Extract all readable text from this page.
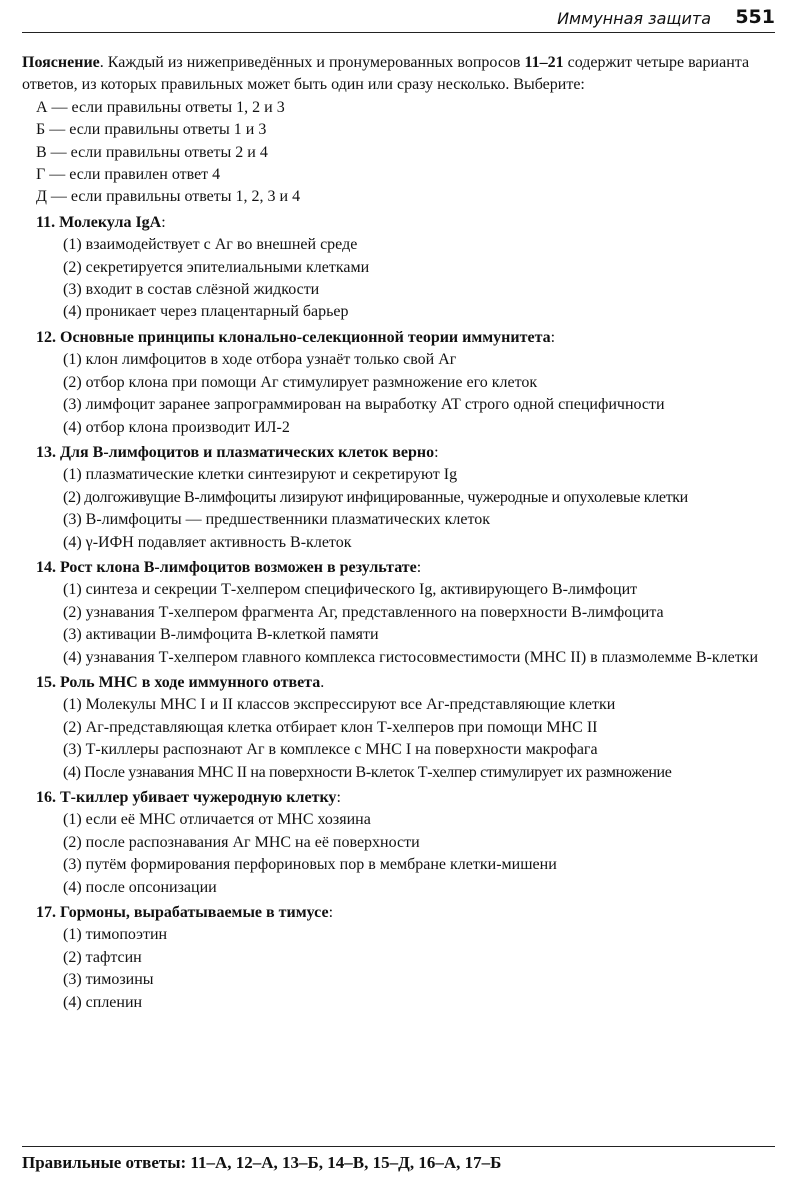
Иммунная защита 551

Пояснение. Каждый из нижеприведённых и пронумерованных вопросов 11–21 содержит четыре варианта ответов, из которых правильных может быть один или сразу несколько. Выберите:

А — если правильны ответы 1, 2 и 3
Б — если правильны ответы 1 и 3
В — если правильны ответы 2 и 4
Г — если правилен ответ 4
Д — если правильны ответы 1, 2, 3 и 4
11. Молекула IgA:
(1) взаимодействует с Аг во внешней среде
(2) секретируется эпителиальными клетками
(3) входит в состав слёзной жидкости
(4) проникает через плацентарный барьер
12. Основные принципы клонально-селекционной теории иммунитета:
(1) клон лимфоцитов в ходе отбора узнаёт только свой Аг
(2) отбор клона при помощи Аг стимулирует размножение его клеток
(3) лимфоцит заранее запрограммирован на выработку АТ строго одной специфичности
(4) отбор клона производит ИЛ-2
13. Для В-лимфоцитов и плазматических клеток верно:
(1) плазматические клетки синтезируют и секретируют Ig
(2) долгоживущие В-лимфоциты лизируют инфицированные, чужеродные и опухолевые клетки
(3) В-лимфоциты — предшественники плазматических клеток
(4) γ-ИФН подавляет активность В-клеток
14. Рост клона В-лимфоцитов возможен в результате:
(1) синтеза и секреции Т-хелпером специфического Ig, активирующего В-лимфоцит
(2) узнавания Т-хелпером фрагмента Аг, представленного на поверхности В-лимфоцита
(3) активации В-лимфоцита В-клеткой памяти
(4) узнавания Т-хелпером главного комплекса гистосовместимости (МНС II) в плазмолемме В-клетки
15. Роль МНС в ходе иммунного ответа.
(1) Молекулы МНС I и II классов экспрессируют все Аг-представляющие клетки
(2) Аг-представляющая клетка отбирает клон Т-хелперов при помощи МНС II
(3) Т-киллеры распознают Аг в комплексе с МНС I на поверхности макрофага
(4) После узнавания МНС II на поверхности В-клеток Т-хелпер стимулирует их размножение
16. Т-киллер убивает чужеродную клетку:
(1) если её МНС отличается от МНС хозяина
(2) после распознавания Аг МНС на её поверхности
(3) путём формирования перфориновых пор в мембране клетки-мишени
(4) после опсонизации
17. Гормоны, вырабатываемые в тимусе:
(1) тимопоэтин
(2) тафтсин
(3) тимозины
(4) спленин
Правильные ответы: 11–А, 12–А, 13–Б, 14–В, 15–Д, 16–А, 17–Б
